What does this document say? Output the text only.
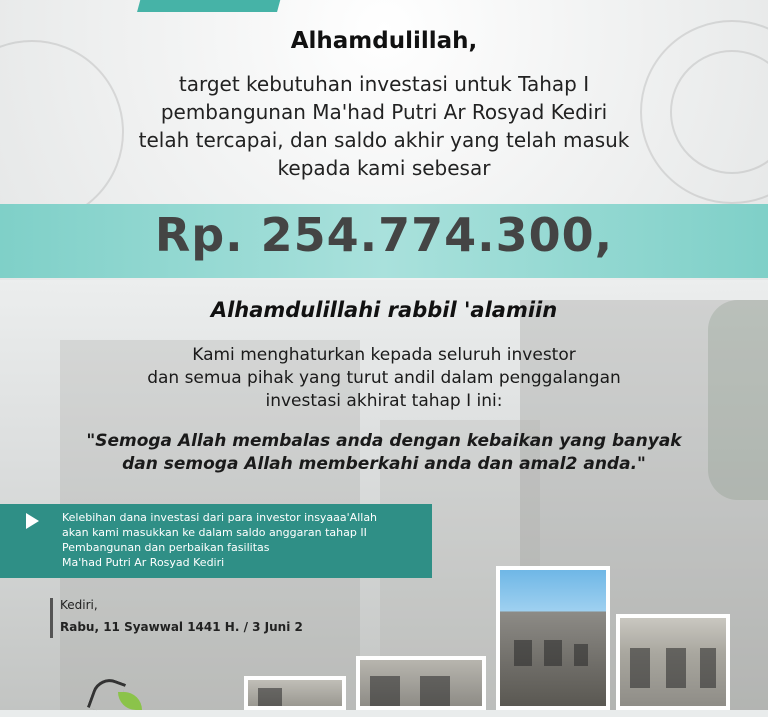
Alhamdulillah,
target kebutuhan investasi untuk Tahap I
pembangunan Ma'had Putri Ar Rosyad Kediri
telah tercapai, dan saldo akhir yang telah masuk
kepada kami sebesar
Rp. 254.774.300,
Alhamdulillahi rabbil 'alamiin
Kami menghaturkan kepada seluruh investor
dan semua pihak yang turut andil dalam penggalangan
investasi akhirat tahap I ini:
"Semoga Allah membalas anda dengan kebaikan yang banyak
dan semoga Allah memberkahi anda dan amal2 anda."
Kelebihan dana investasi dari para investor insyaaa'Allah
akan kami masukkan ke dalam saldo anggaran tahap II
Pembangunan dan perbaikan fasilitas
Ma'had Putri Ar Rosyad Kediri
Kediri,
Rabu, 11 Syawwal 1441 H. / 3 Juni 2
